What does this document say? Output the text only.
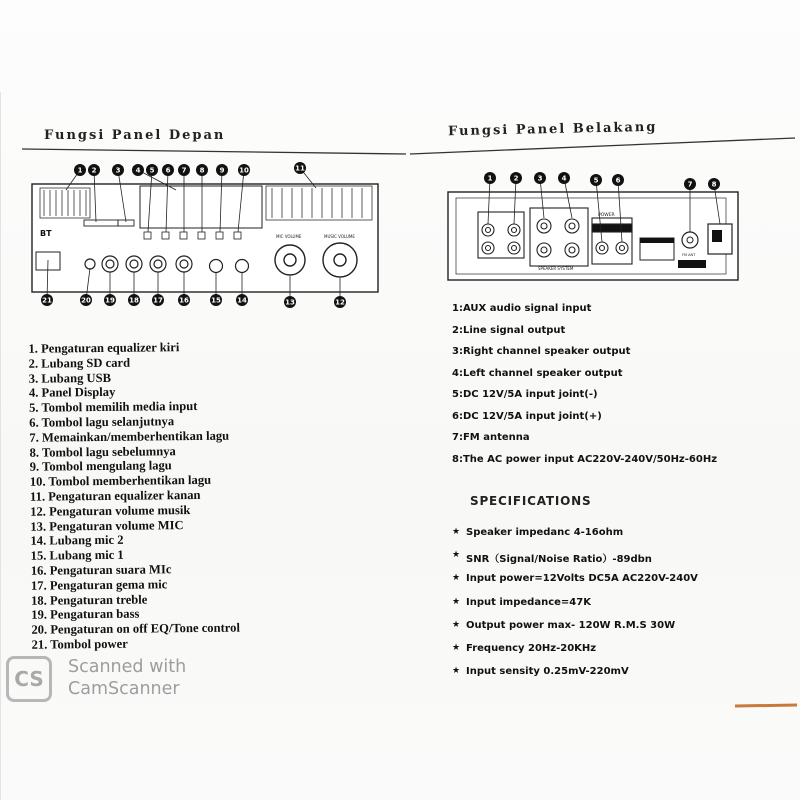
Fungsi Panel Depan	Fungsi Panel Belakang
BT	MIC VOLUME	MUSIC VOLUME
1 2	3 4 5 6 7 8 9 10	11
21	20 19 18 17 16	15 14	13	12
SPEAKER SYSTEM
POWER
FM ANT
1	2	3	4	5 6	7	8
1. Pengaturan equalizer kiri
2. Lubang SD card
3. Lubang USB
4. Panel Display
5. Tombol memilih media input
6. Tombol lagu selanjutnya
7. Memainkan/memberhentikan lagu
8. Tombol lagu sebelumnya
9. Tombol mengulang lagu
10. Tombol memberhentikan lagu
11. Pengaturan equalizer kanan
12. Pengaturan volume musik
13. Pengaturan volume MIC
14. Lubang mic 2
15. Lubang mic 1
16. Pengaturan suara MIc
17. Pengaturan gema mic
18. Pengaturan treble
19. Pengaturan bass
20. Pengaturan on off EQ/Tone control
21. Tombol power
1:AUX audio signal input
2:Line signal output
3:Right channel speaker output
4:Left channel speaker output
5:DC 12V/5A input joint(-)
6:DC 12V/5A input joint(+)
7:FM antenna
8:The AC power input AC220V-240V/50Hz-60Hz
SPECIFICATIONS
★ Speaker impedanc 4-16ohm
★ SNR（Signal/Noise Ratio）-89dbn
★ Input power=12Volts DC5A AC220V-240V
★ Input impedance=47K
★ Output power max- 120W R.M.S 30W
★ Frequency 20Hz-20KHz
★ Input sensity 0.25mV-220mV
CS	Scanned with
CamScanner
